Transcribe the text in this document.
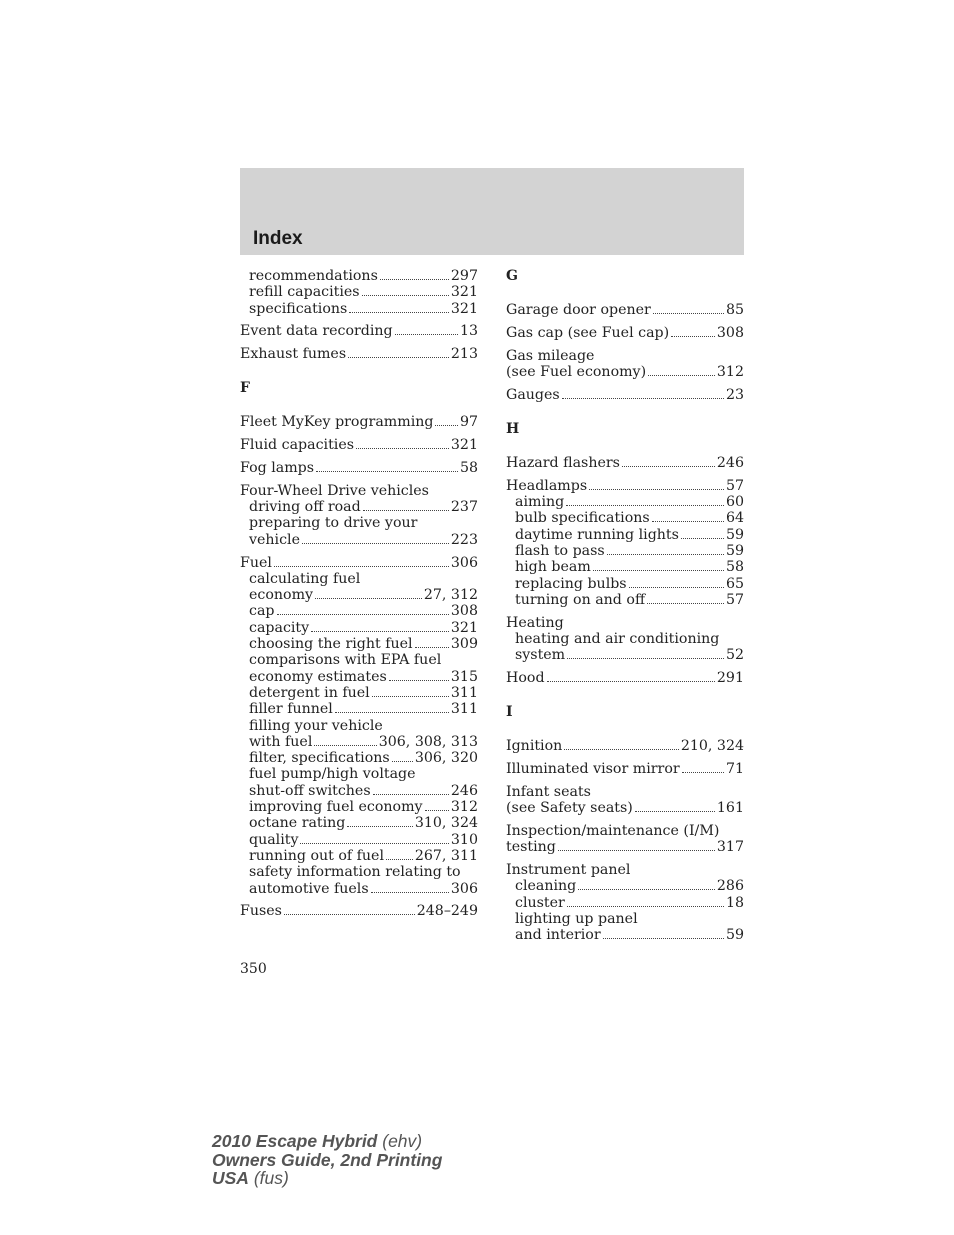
Index
recommendations	297
refill capacities	321
specifications	321
Event data recording	13
Exhaust fumes	213
F
Fleet MyKey programming 97
Fluid capacities	321
Fog lamps	58
Four-Wheel Drive vehicles
driving off road	237
preparing to drive your
vehicle	223
Fuel	306
calculating fuel
economy	27, 312
cap	308
capacity	321
choosing the right fuel	309
comparisons with EPA fuel
economy estimates	315
detergent in fuel	311
filler funnel	311
filling your vehicle
with fuel	306, 308, 313
filter, specifications 306, 320
fuel pump/high voltage
shut-off switches	246
improving fuel economy 312
octane rating	310, 324
quality	310
running out of fuel 267, 311
safety information relating to
automotive fuels	306
Fuses	248–249
G
Garage door opener	85
Gas cap (see Fuel cap)	308
Gas mileage
(see Fuel economy)	312
Gauges	23
H
Hazard flashers	246
Headlamps	57
aiming	60
bulb specifications	64
daytime running lights	59
flash to pass	59
high beam	58
replacing bulbs	65
turning on and off	57
Heating
heating and air conditioning
system	52
Hood	291
I
Ignition	210, 324
Illuminated visor mirror	71
Infant seats
(see Safety seats)	161
Inspection/maintenance (I/M)
testing	317
Instrument panel
cleaning	286
cluster	18
lighting up panel
and interior	59
350
2010 Escape Hybrid (ehv)
Owners Guide, 2nd Printing
USA (fus)
